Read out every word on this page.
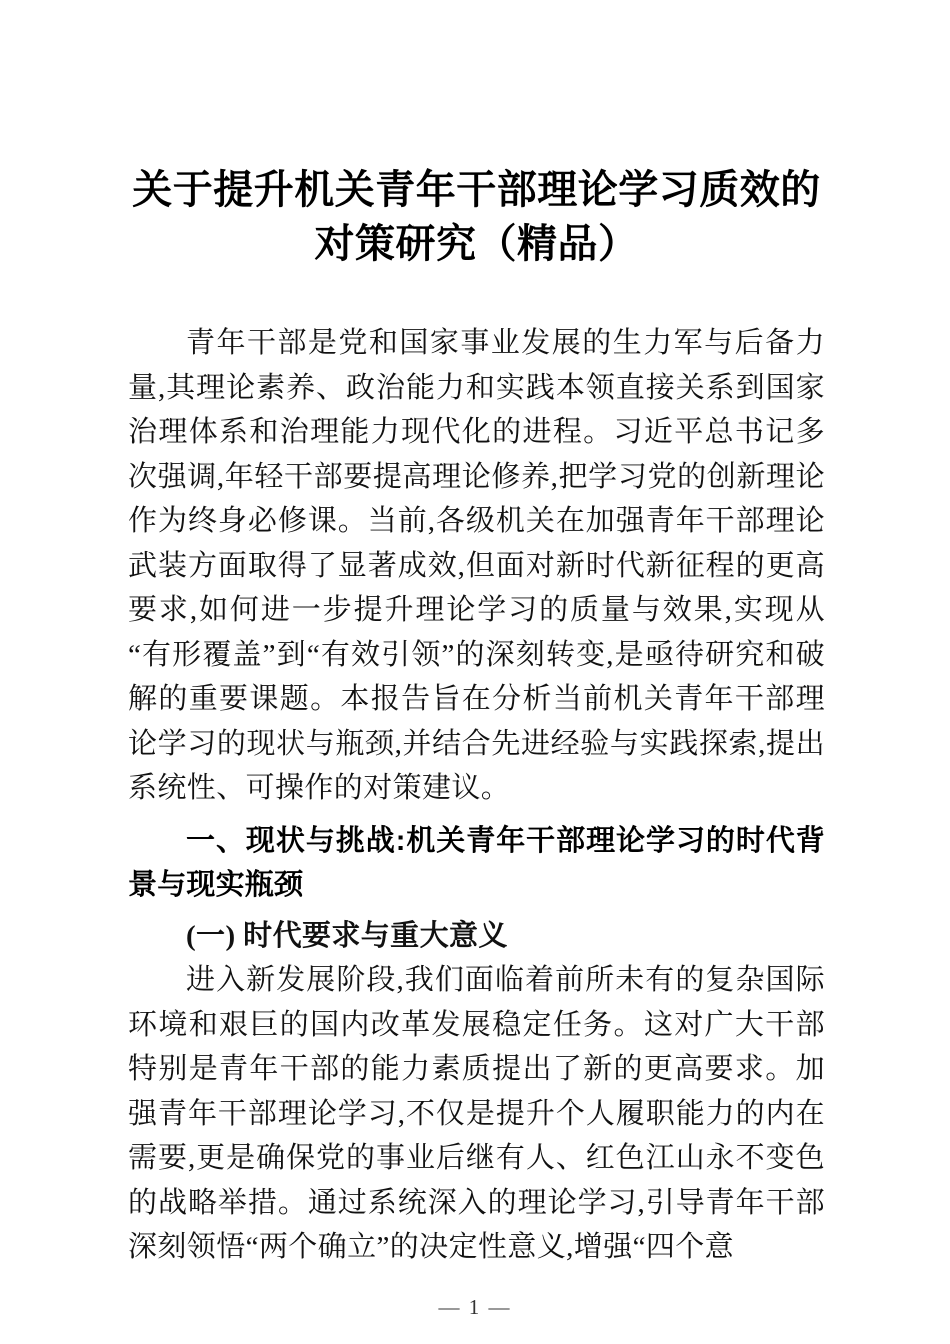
关于提升机关青年干部理论学习质效的对策研究（精品）

青年干部是党和国家事业发展的生力军与后备力量,其理论素养、政治能力和实践本领直接关系到国家治理体系和治理能力现代化的进程。习近平总书记多次强调,年轻干部要提高理论修养,把学习党的创新理论作为终身必修课。当前,各级机关在加强青年干部理论武装方面取得了显著成效,但面对新时代新征程的更高要求,如何进一步提升理论学习的质量与效果,实现从“有形覆盖”到“有效引领”的深刻转变,是亟待研究和破解的重要课题。本报告旨在分析当前机关青年干部理论学习的现状与瓶颈,并结合先进经验与实践探索,提出系统性、可操作的对策建议。

一、现状与挑战:机关青年干部理论学习的时代背景与现实瓶颈
(一) 时代要求与重大意义

进入新发展阶段,我们面临着前所未有的复杂国际环境和艰巨的国内改革发展稳定任务。这对广大干部特别是青年干部的能力素质提出了新的更高要求。加强青年干部理论学习,不仅是提升个人履职能力的内在需要,更是确保党的事业后继有人、红色江山永不变色的战略举措。通过系统深入的理论学习,引导青年干部深刻领悟“两个确立”的决定性意义,增强“四个意

— 1 —
